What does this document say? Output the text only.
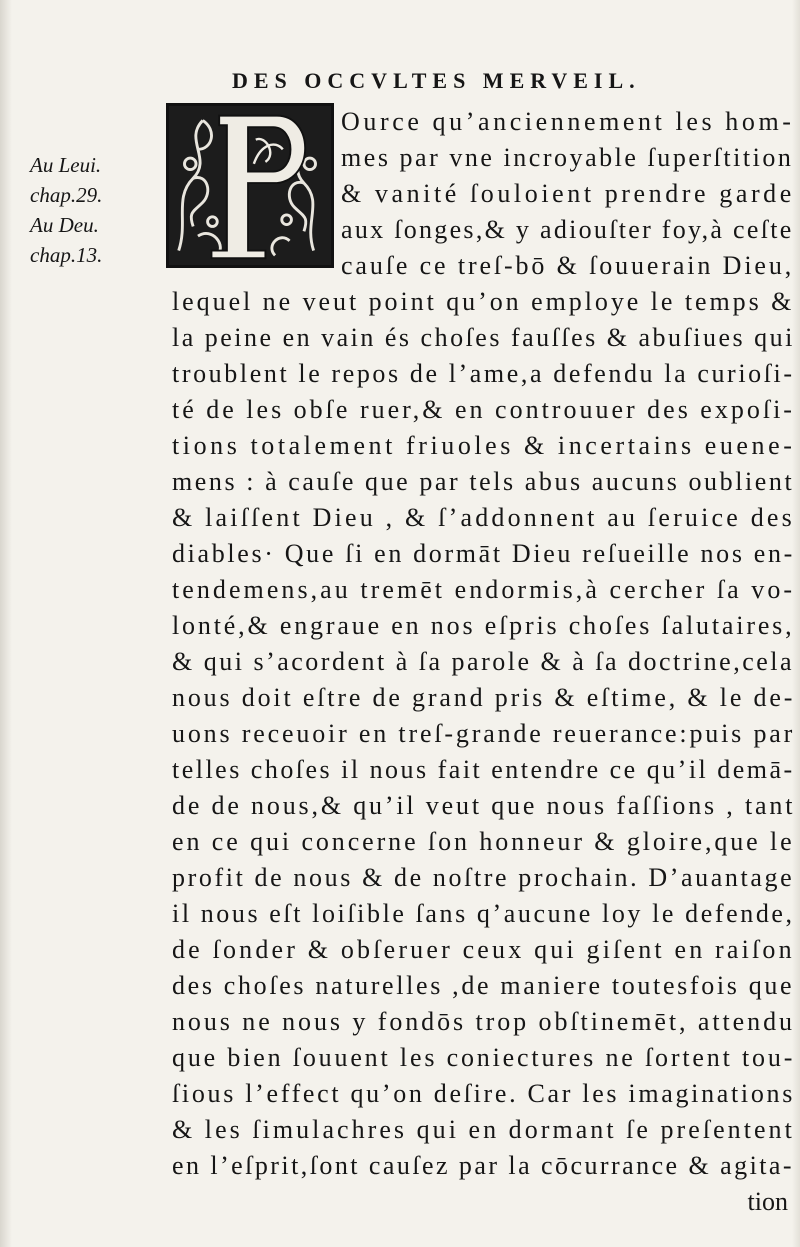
DES OCCVLTES MERVEIL.
Au Leui.
chap.29.
Au Deu.
chap.13.
Ource qu’anciennement les hom-
mes par vne incroyable ſuperſtition
& vanité ſouloient prendre garde
aux ſonges,& y adiouſter foy,à ceſte
cauſe ce treſ-bō & ſouuerain Dieu,
lequel ne veut point qu’on employe le temps &
la peine en vain és choſes fauſſes & abuſiues qui
troublent le repos de l’ame,a defendu la curioſi-
té de les obſe ruer,& en controuuer des expoſi-
tions totalement friuoles & incertains euene-
mens : à cauſe que par tels abus aucuns oublient
& laiſſent Dieu , & ſ’addonnent au ſeruice des
diables· Que ſi en dormāt Dieu reſueille nos en-
tendemens,au tremēt endormis,à cercher ſa vo-
lonté,& engraue en nos eſpris choſes ſalutaires,
& qui s’acordent à ſa parole & à ſa doctrine,cela
nous doit eſtre de grand pris & eſtime, & le de-
uons receuoir en treſ-grande reuerance:puis par
telles choſes il nous fait entendre ce qu’il demā-
de de nous,& qu’il veut que nous faſſions , tant
en ce qui concerne ſon honneur & gloire,que le
profit de nous & de noſtre prochain. D’auantage
il nous eſt loiſible ſans q’aucune loy le defende,
de ſonder & obſeruer ceux qui giſent en raiſon
des choſes naturelles ,de maniere toutesfois que
nous ne nous y fondōs trop obſtinemēt, attendu
que bien ſouuent les coniectures ne ſortent tou-
ſious l’effect qu’on deſire. Car les imaginations
& les ſimulachres qui en dormant ſe preſentent
en l’eſprit,ſont cauſez par la cōcurrance & agita-
tion
